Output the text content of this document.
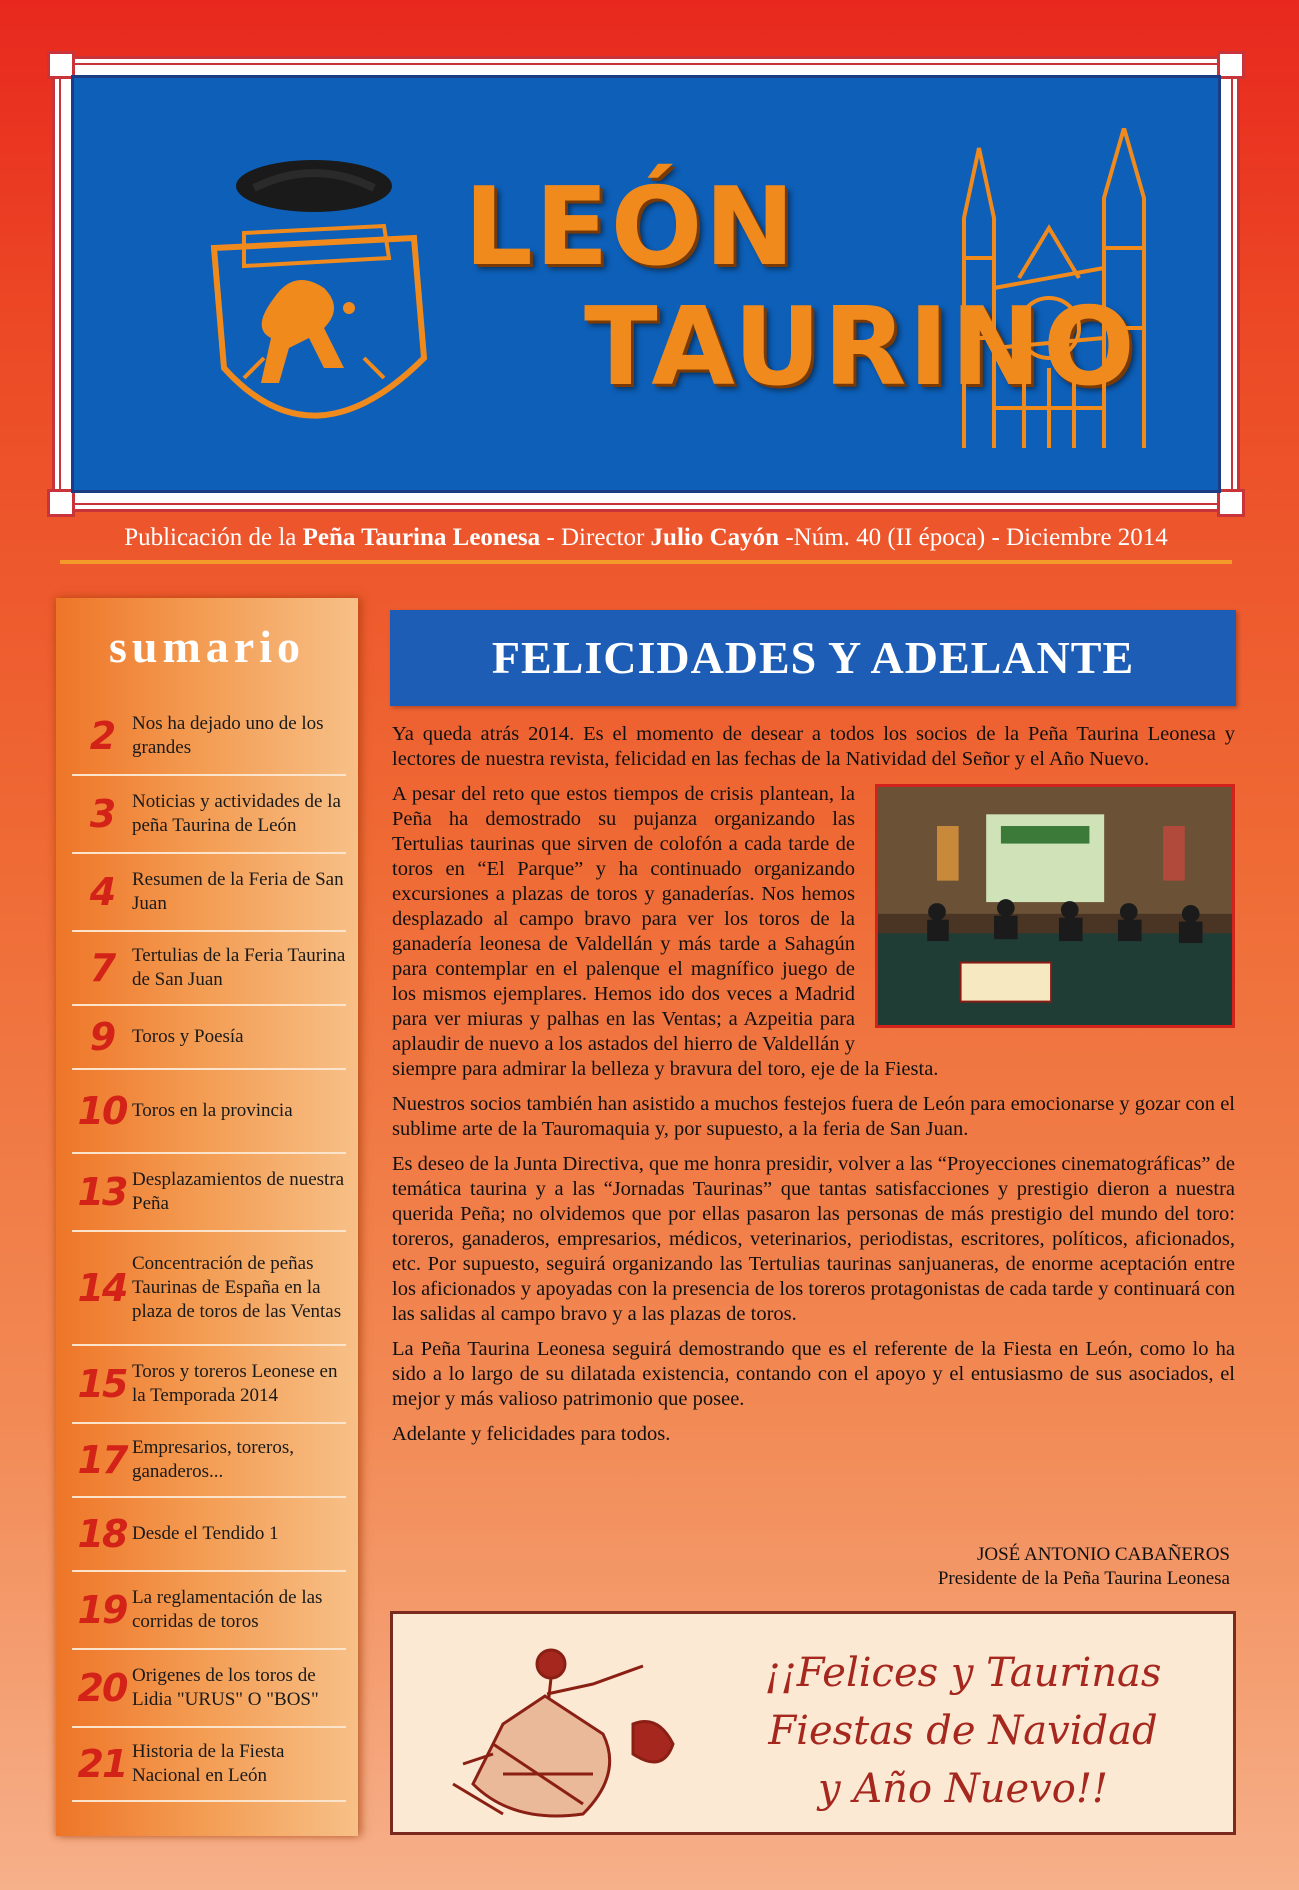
LEÓN
TAURINO
Publicación de la Peña Taurina Leonesa - Director Julio Cayón -Núm. 40 (II época) - Diciembre 2014
sumario
2 Nos ha dejado uno de los grandes
3 Noticias y actividades de la peña Taurina de León
4 Resumen de la Feria de San Juan
7 Tertulias de la Feria Taurina de San Juan
9 Toros y Poesía
10 Toros en la provincia
13 Desplazamientos de nuestra Peña
14
Concentración de peñas Taurinas de España en la plaza de toros de las Ventas
15 Toros y toreros Leonese en la Temporada 2014
17 Empresarios, toreros, ganaderos...
18 Desde el Tendido 1
19 La reglamentación de las corridas de toros
20 Origenes de los toros de Lidia "URUS" O "BOS"
21 Historia de la Fiesta Nacional en León
FELICIDADES Y ADELANTE

Ya queda atrás 2014. Es el momento de desear a todos los socios de la Peña Taurina Leonesa y lectores de nuestra revista, felicidad en las fechas de la Natividad del Señor y el Año Nuevo.

A pesar del reto que estos tiempos de crisis plantean, la Peña ha demostrado su pujanza organizando las Tertulias taurinas que sirven de colofón a cada tarde de toros en “El Parque” y ha continuado organizando excursiones a plazas de toros y ganaderías. Nos hemos desplazado al campo bravo para ver los toros de la ganadería leonesa de Valdellán y más tarde a Sahagún para contemplar en el palenque el magnífico juego de los mismos ejemplares. Hemos ido dos veces a Madrid para ver miuras y palhas en las Ventas; a Azpeitia para aplaudir de nuevo a los astados del hierro de Valdellán y siempre para admirar la belleza y bravura del toro, eje de la Fiesta.

Nuestros socios también han asistido a muchos festejos fuera de León para emocionarse y gozar con el sublime arte de la Tauromaquia y, por supuesto, a la feria de San Juan.

Es deseo de la Junta Directiva, que me honra presidir, volver a las “Proyecciones cinematográficas” de temática taurina y a las “Jornadas Taurinas” que tantas satisfacciones y prestigio dieron a nuestra querida Peña; no olvidemos que por ellas pasaron las personas de más prestigio del mundo del toro: toreros, ganaderos, empresarios, médicos, veterinarios, periodistas, escritores, políticos, aficionados, etc. Por supuesto, seguirá organizando las Tertulias taurinas sanjuaneras, de enorme aceptación entre los aficionados y apoyadas con la presencia de los toreros protagonistas de cada tarde y continuará con las salidas al campo bravo y a las plazas de toros.

La Peña Taurina Leonesa seguirá demostrando que es el referente de la Fiesta en León, como lo ha sido a lo largo de su dilatada existencia, contando con el apoyo y el entusiasmo de sus asociados, el mejor y más valioso patrimonio que posee.

Adelante y felicidades para todos.

JOSÉ ANTONIO CABAÑEROS
Presidente de la Peña Taurina Leonesa
¡¡Felices y Taurinas
Fiestas de Navidad
y Año Nuevo!!
